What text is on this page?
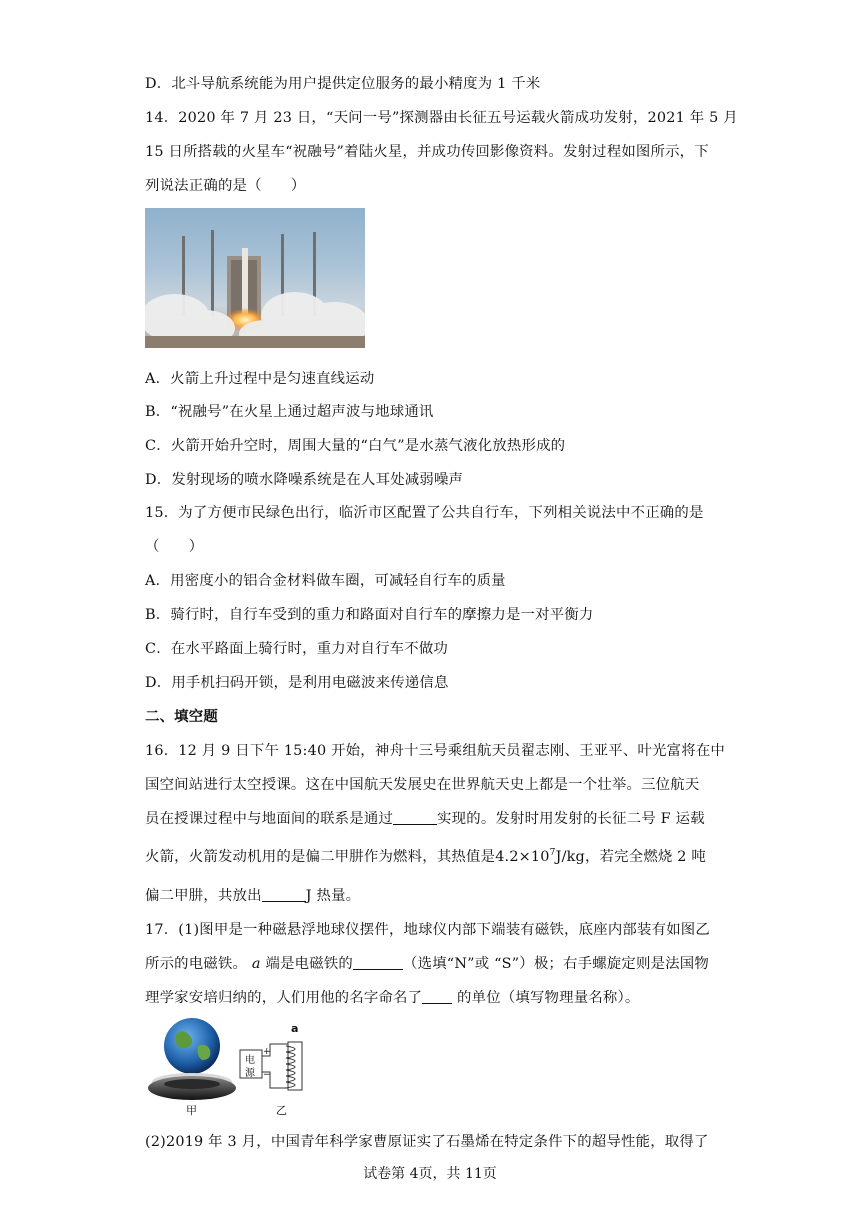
D．北斗导航系统能为用户提供定位服务的最小精度为 1 千米
14．2020 年 7 月 23 日，“天问一号”探测器由长征五号运载火箭成功发射，2021 年 5 月
15 日所搭载的火星车“祝融号”着陆火星，并成功传回影像资料。发射过程如图所示，下
列说法正确的是（　　）
A．火箭上升过程中是匀速直线运动
B．“祝融号”在火星上通过超声波与地球通讯
C．火箭开始升空时，周围大量的“白气”是水蒸气液化放热形成的
D．发射现场的喷水降噪系统是在人耳处减弱噪声
15．为了方便市民绿色出行，临沂市区配置了公共自行车，下列相关说法中不正确的是
（　　）
A．用密度小的铝合金材料做车圈，可减轻自行车的质量
B．骑行时，自行车受到的重力和路面对自行车的摩擦力是一对平衡力
C．在水平路面上骑行时，重力对自行车不做功
D．用手机扫码开锁，是利用电磁波来传递信息
二、填空题
16．12 月 9 日下午 15:40 开始，神舟十三号乘组航天员翟志刚、王亚平、叶光富将在中
国空间站进行太空授课。这在中国航天发展史在世界航天史上都是一个壮举。三位航天
员在授课过程中与地面间的联系是通过	实现的。发射时用发射的长征二号 F 运载
火箭，火箭发动机用的是偏二甲肼作为燃料，其热值是$4.2\times 10^7J/kg$，若完全燃烧 2 吨
偏二甲肼，共放出	J 热量。
17．(1)图甲是一种磁悬浮地球仪摆件，地球仪内部下端装有磁铁，底座内部装有如图乙
所示的电磁铁。 a 端是电磁铁的	（选填“N”或 “S”）极；右手螺旋定则是法国物
理学家安培归纳的，人们用他的名字命名了 的单位（填写物理量名称）。
甲
a
电
源
+
−
乙
(2)2019 年 3 月，中国青年科学家曹原证实了石墨烯在特定条件下的超导性能，取得了
试卷第 4页，共 11页
